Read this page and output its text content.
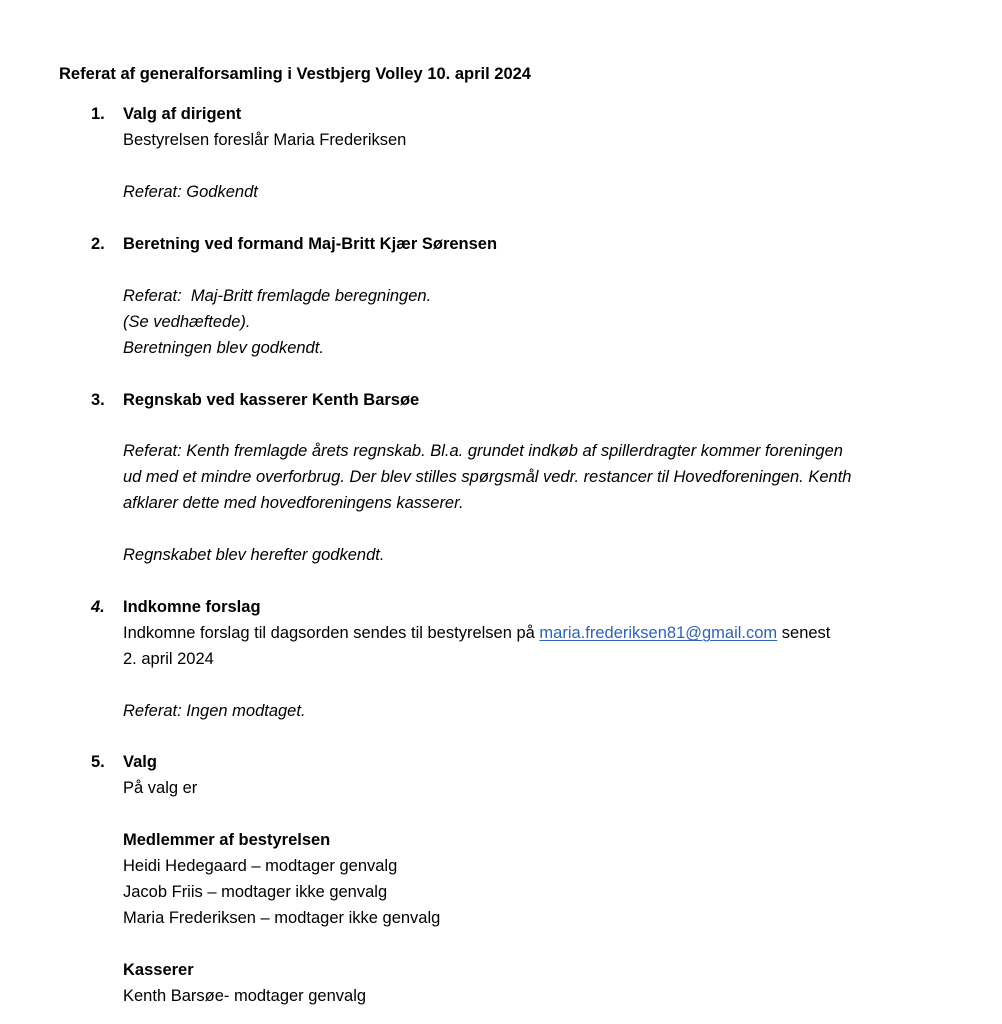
Referat af generalforsamling i Vestbjerg Volley 10. april 2024
1. Valg af dirigent
Bestyrelsen foreslår Maria Frederiksen
Referat: Godkendt
2. Beretning ved formand Maj-Britt Kjær Sørensen
Referat:  Maj-Britt fremlagde beregningen.
(Se vedhæftede).
Beretningen blev godkendt.
3. Regnskab ved kasserer Kenth Barsøe
Referat: Kenth fremlagde årets regnskab. Bl.a. grundet indkøb af spillerdragter kommer foreningen
ud med et mindre overforbrug. Der blev stilles spørgsmål vedr. restancer til Hovedforeningen. Kenth
afklarer dette med hovedforeningens kasserer.
Regnskabet blev herefter godkendt.
4. Indkomne forslag
Indkomne forslag til dagsorden sendes til bestyrelsen på maria.frederiksen81@gmail.com senest
2. april 2024
Referat: Ingen modtaget.
5. Valg
På valg er
Medlemmer af bestyrelsen
Heidi Hedegaard – modtager genvalg
Jacob Friis – modtager ikke genvalg
Maria Frederiksen – modtager ikke genvalg
Kasserer
Kenth Barsøe- modtager genvalg
